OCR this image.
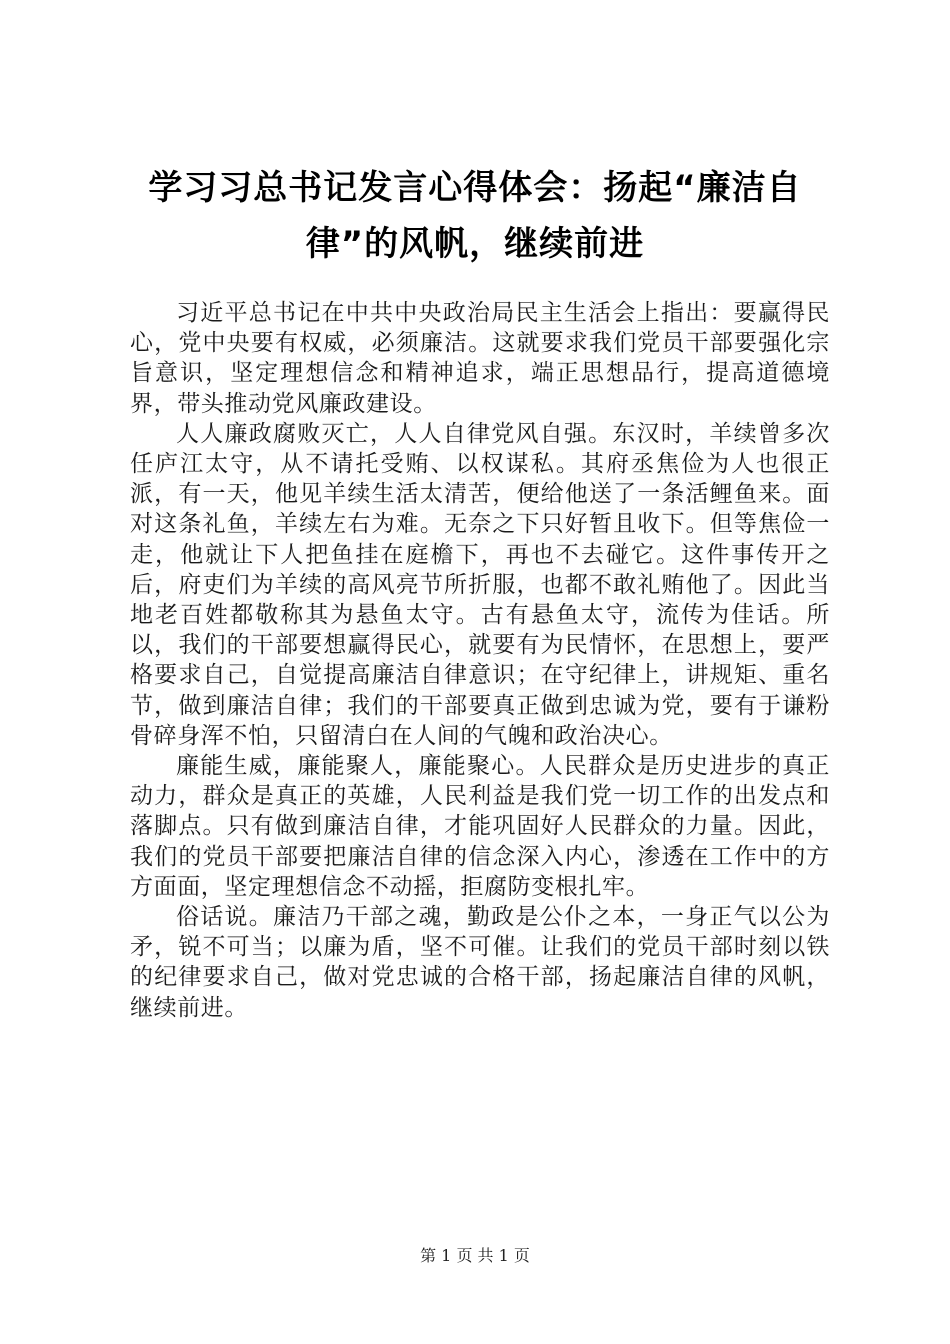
学习习总书记发言心得体会：扬起“廉洁自律”的风帆，继续前进

习近平总书记在中共中央政治局民主生活会上指出：要赢得民心，党中央要有权威，必须廉洁。这就要求我们党员干部要强化宗旨意识，坚定理想信念和精神追求，端正思想品行，提高道德境界，带头推动党风廉政建设。

人人廉政腐败灭亡，人人自律党风自强。东汉时，羊续曾多次任庐江太守，从不请托受贿、以权谋私。其府丞焦俭为人也很正派，有一天，他见羊续生活太清苦，便给他送了一条活鲤鱼来。面对这条礼鱼，羊续左右为难。无奈之下只好暂且收下。但等焦俭一走，他就让下人把鱼挂在庭檐下，再也不去碰它。这件事传开之后，府吏们为羊续的高风亮节所折服，也都不敢礼贿他了。因此当地老百姓都敬称其为悬鱼太守。古有悬鱼太守，流传为佳话。所以，我们的干部要想赢得民心，就要有为民情怀，在思想上，要严格要求自己，自觉提高廉洁自律意识；在守纪律上，讲规矩、重名节，做到廉洁自律；我们的干部要真正做到忠诚为党，要有于谦粉骨碎身浑不怕，只留清白在人间的气魄和政治决心。

廉能生威，廉能聚人，廉能聚心。人民群众是历史进步的真正动力，群众是真正的英雄，人民利益是我们党一切工作的出发点和落脚点。只有做到廉洁自律，才能巩固好人民群众的力量。因此，我们的党员干部要把廉洁自律的信念深入内心，渗透在工作中的方方面面，坚定理想信念不动摇，拒腐防变根扎牢。

俗话说。廉洁乃干部之魂，勤政是公仆之本，一身正气以公为矛，锐不可当；以廉为盾，坚不可催。让我们的党员干部时刻以铁的纪律要求自己，做对党忠诚的合格干部，扬起廉洁自律的风帆，继续前进。

第 1 页 共 1 页
